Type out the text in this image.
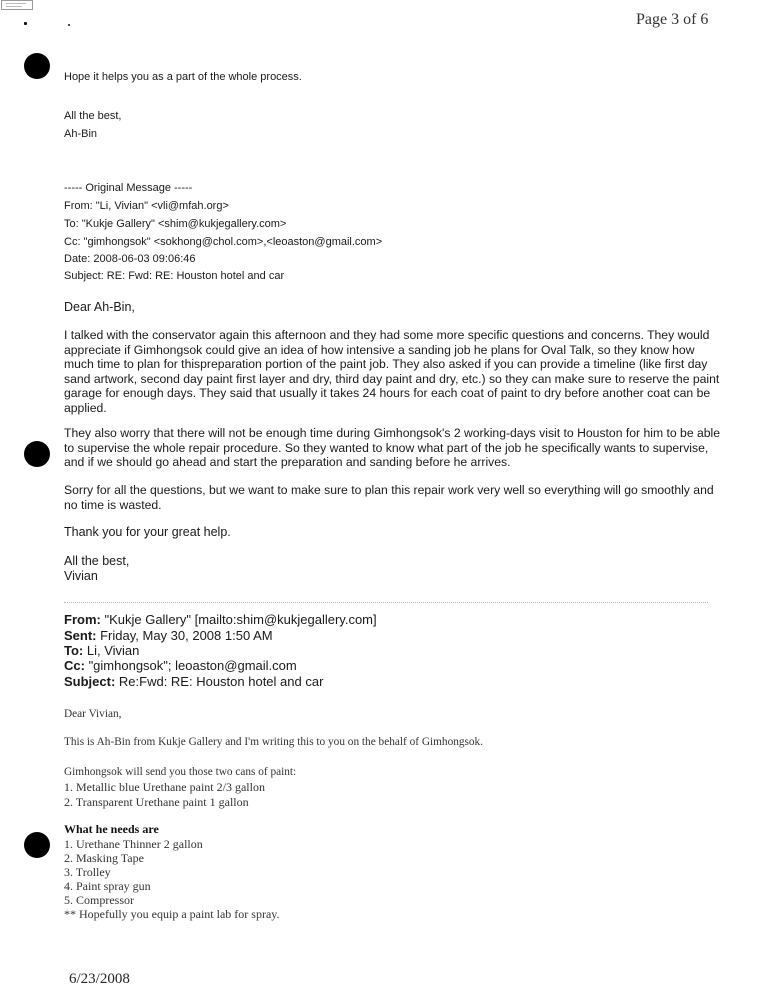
Page 3 of 6

Hope it helps you as a part of the whole process.

All the best,

Ah-Bin

----- Original Message -----

From: "Li, Vivian" <vli@mfah.org>

To: "Kukje Gallery" <shim@kukjegallery.com>

Cc: "gimhongsok" <sokhong@chol.com>,<leoaston@gmail.com>

Date: 2008-06-03 09:06:46

Subject: RE: Fwd: RE: Houston hotel and car

Dear Ah-Bin,

I talked with the conservator again this afternoon and they had some more specific questions and concerns. They would appreciate if Gimhongsok could give an idea of how intensive a sanding job he plans for Oval Talk, so they know how much time to plan for thispreparation portion of the paint job. They also asked if you can provide a timeline (like first day sand artwork, second day paint first layer and dry, third day paint and dry, etc.) so they can make sure to reserve the paint garage for enough days. They said that usually it takes 24 hours for each coat of paint to dry before another coat can be applied.

They also worry that there will not be enough time during Gimhongsok's 2 working-days visit to Houston for him to be able to supervise the whole repair procedure. So they wanted to know what part of the job he specifically wants to supervise, and if we should go ahead and start the preparation and sanding before he arrives.

Sorry for all the questions, but we want to make sure to plan this repair work very well so everything will go smoothly and no time is wasted.

Thank you for your great help.

All the best,

Vivian

From: "Kukje Gallery" [mailto:shim@kukjegallery.com]

Sent: Friday, May 30, 2008 1:50 AM

To: Li, Vivian

Cc: "gimhongsok"; leoaston@gmail.com

Subject: Re:Fwd: RE: Houston hotel and car

Dear Vivian,

This is Ah-Bin from Kukje Gallery and I'm writing this to you on the behalf of Gimhongsok.

Gimhongsok will send you those two cans of paint:

1. Metallic blue Urethane paint 2/3 gallon

2. Transparent Urethane paint 1 gallon

What he needs are

1. Urethane Thinner 2 gallon

2. Masking Tape

3. Trolley

4. Paint spray gun

5. Compressor

** Hopefully you equip a paint lab for spray.

6/23/2008
